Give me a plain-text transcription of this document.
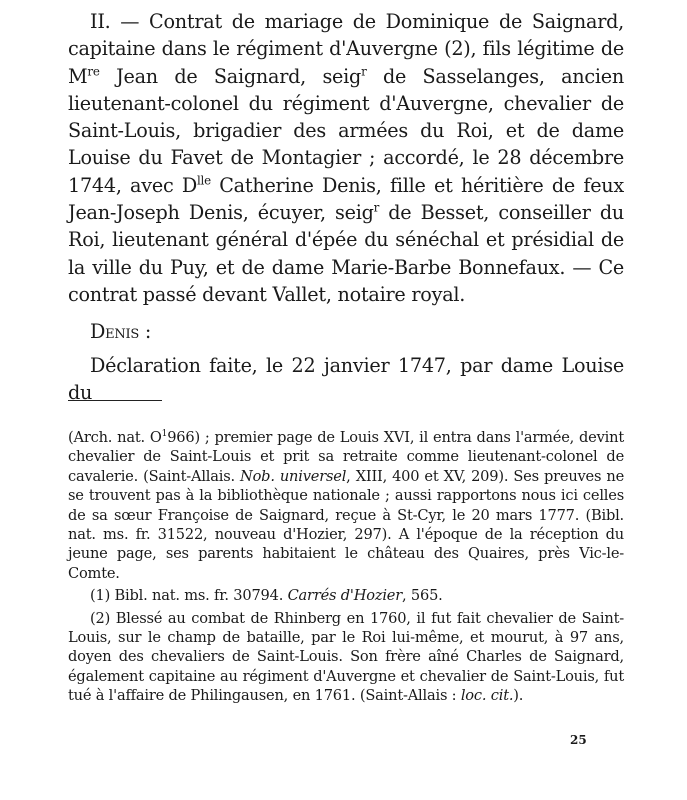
II. — Contrat de mariage de Dominique de Saignard, capitaine dans le régiment d'Auvergne (2), fils légitime de Mre Jean de Saignard, seig$^r$ de Sasselanges, ancien lieutenant-colonel du régiment d'Auvergne, chevalier de Saint-Louis, brigadier des armées du Roi, et de dame Louise du Favet de Montagier ; accordé, le 28 décembre 1744, avec $D^{lle}$ Catherine Denis, fille et héritière de feux Jean-Joseph Denis, écuyer, seig$^r$ de Besset, conseiller du Roi, lieutenant général d'épée du sénéchal et présidial de la ville du Puy, et de dame Marie-Barbe Bonnefaux. — Ce contrat passé devant Vallet, notaire royal.

Denis :

Déclaration faite, le 22 janvier 1747, par dame Louise du

(Arch. nat. $O^1966$) ; premier page de Louis XVI, il entra dans l'armée, devint chevalier de Saint-Louis et prit sa retraite comme lieutenant-colonel de cavalerie. (Saint-Allais. Nob. universel, XIII, 400 et XV, 209). Ses preuves ne se trouvent pas à la bibliothèque nationale ; aussi rapportons nous ici celles de sa sœur Françoise de Saignard, reçue à St-Cyr, le 20 mars 1777. (Bibl. nat. ms. fr. 31522, nouveau d'Hozier, 297). A l'époque de la réception du jeune page, ses parents habitaient le château des Quaires, près Vic-le-Comte.

(1) Bibl. nat. ms. fr. 30794. Carrés d'Hozier, 565.

(2) Blessé au combat de Rhinberg en 1760, il fut fait chevalier de Saint-Louis, sur le champ de bataille, par le Roi lui-même, et mourut, à 97 ans, doyen des chevaliers de Saint-Louis. Son frère aîné Charles de Saignard, également capitaine au régiment d'Auvergne et chevalier de Saint-Louis, fut tué à l'affaire de Philingausen, en 1761. (Saint-Allais : loc. cit.).

25
